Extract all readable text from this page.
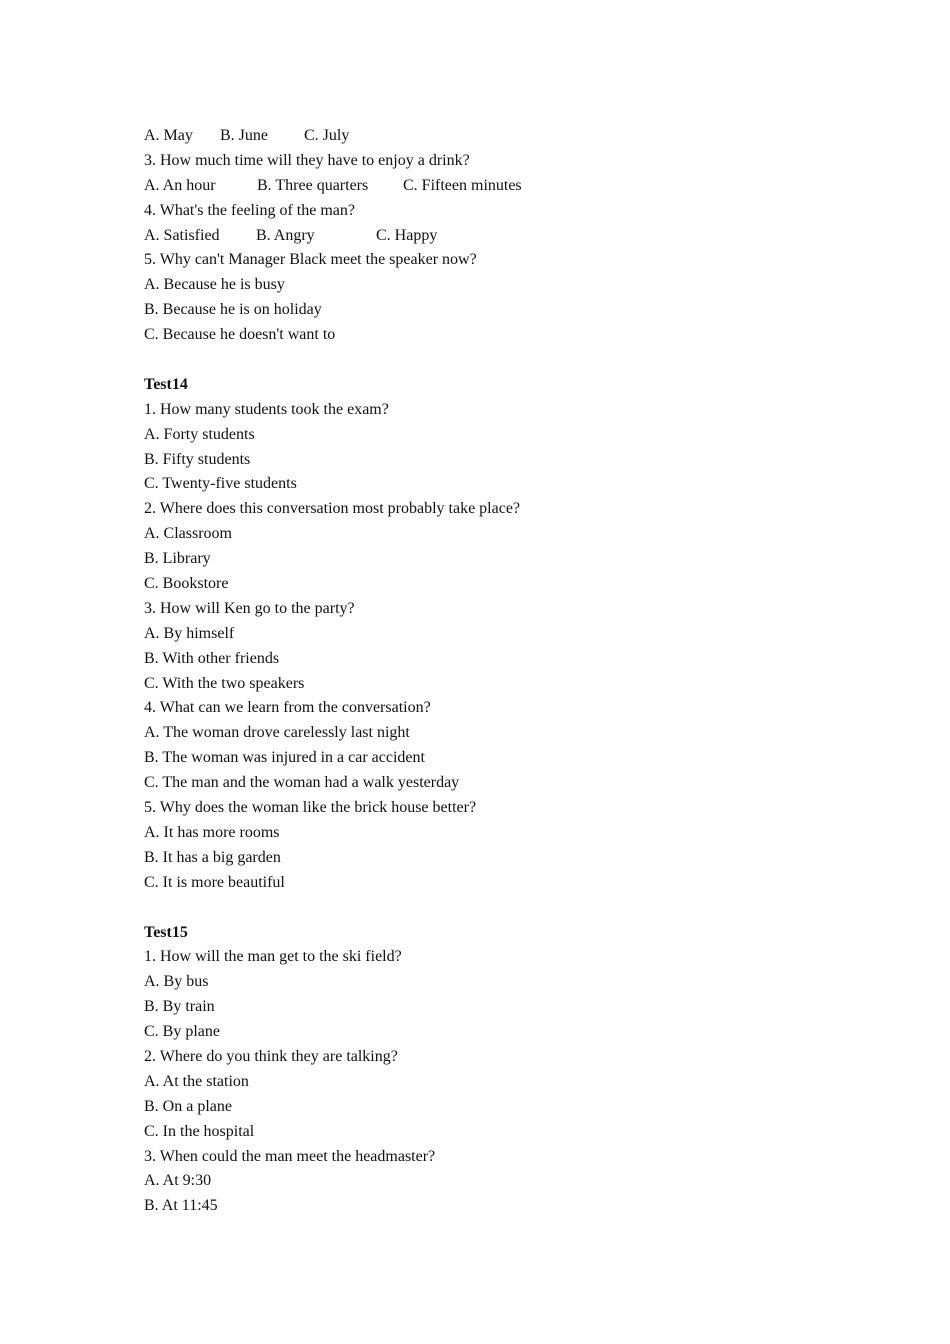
A. May B. June C. July
3. How much time will they have to enjoy a drink?
A. An hour	B. Three quarters C. Fifteen minutes
4. What's the feeling of the man?
A. Satisfied B. Angry	C. Happy
5. Why can't Manager Black meet the speaker now?
A. Because he is busy
B. Because he is on holiday
C. Because he doesn't want to
Test14
1. How many students took the exam?
A. Forty students
B. Fifty students
C. Twenty-five students
2. Where does this conversation most probably take place?
A. Classroom
B. Library
C. Bookstore
3. How will Ken go to the party?
A. By himself
B. With other friends
C. With the two speakers
4. What can we learn from the conversation?
A. The woman drove carelessly last night
B. The woman was injured in a car accident
C. The man and the woman had a walk yesterday
5. Why does the woman like the brick house better?
A. It has more rooms
B. It has a big garden
C. It is more beautiful
Test15
1. How will the man get to the ski field?
A. By bus
B. By train
C. By plane
2. Where do you think they are talking?
A. At the station
B. On a plane
C. In the hospital
3. When could the man meet the headmaster?
A. At 9:30
B. At 11:45
